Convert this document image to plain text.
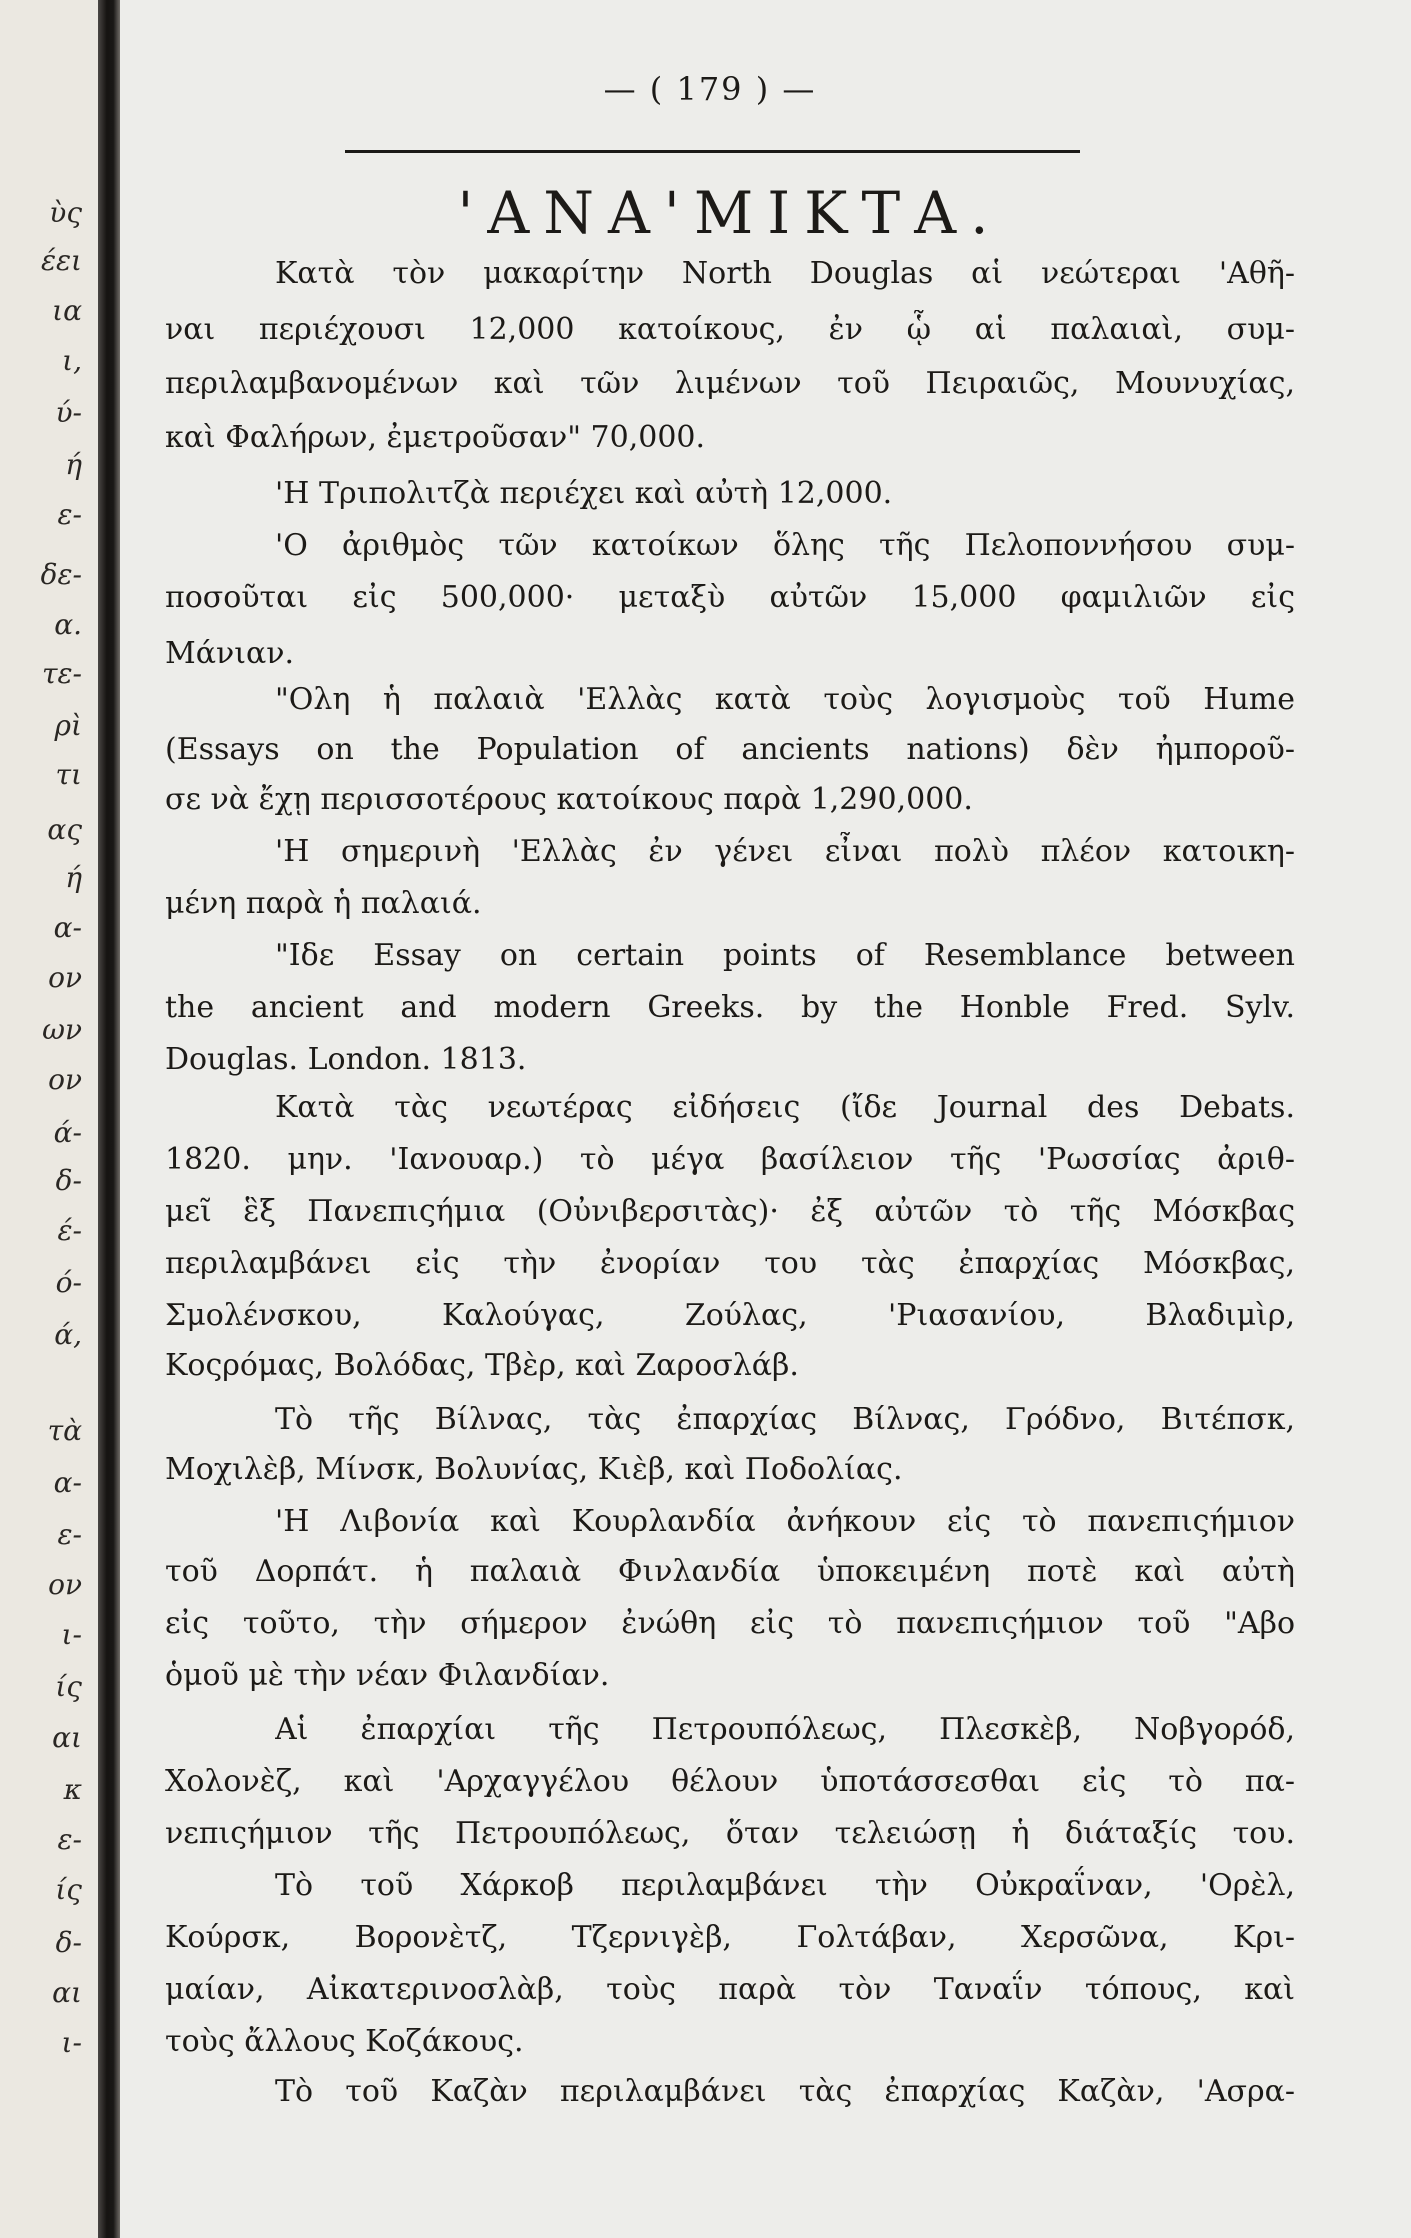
ὺς
έει
ια
ι,
ύ-
ή
ε-
δε-
α.
τε-
ρὶ
τι
ας
ή
α-
ον
ων
ον
ά-
δ-
έ-
ό-
ά,
τὰ
α-
ε-
ον
ι-
ίς
αι
κ
ε-
ίς
δ-
αι
ι-
— ( 179 ) —
'ΑΝΑ'ΜΙΚΤΑ.
Κατὰ τὸν μακαρίτην North Douglas αἱ νεώτεραι 'Αθῆ-
ναι περιέχουσι 12,000 κατοίκους, ἐν ᾧ αἱ παλαιαὶ, συμ-
περιλαμβανομένων καὶ τῶν λιμένων τοῦ Πειραιῶς, Μουνυχίας,
καὶ Φαλήρων, ἐμετροῦσαν" 70,000.
'Η Τριπολιτζὰ περιέχει καὶ αὐτὴ 12,000.
'Ο ἀριθμὸς τῶν κατοίκων ὅλης τῆς Πελοποννήσου συμ-
ποσοῦται εἰς 500,000· μεταξὺ αὐτῶν 15,000 φαμιλιῶν εἰς
Μάνιαν.
"Ολη ἡ παλαιὰ 'Ελλὰς κατὰ τοὺς λογισμοὺς τοῦ Hume
(Essays on the Population of ancients nations) δὲν ἠμποροῦ-
σε νὰ ἔχῃ περισσοτέρους κατοίκους παρὰ 1,290,000.
'Η σημερινὴ 'Ελλὰς ἐν γένει εἶναι πολὺ πλέον κατοικη-
μένη παρὰ ἡ παλαιά.
"Ιδε Essay on certain points of Resemblance between
the ancient and modern Greeks. by the Honble Fred. Sylv.
Douglas. London. 1813.
Κατὰ τὰς νεωτέρας εἰδήσεις (ἴδε Journal des Debats.
1820. μην. 'Ιανουαρ.) τὸ μέγα βασίλειον τῆς 'Ρωσσίας ἀριθ-
μεῖ ἓξ Πανεπιςήμια (Οὐνιβερσιτὰς)· ἐξ αὐτῶν τὸ τῆς Μόσκβας
περιλαμβάνει εἰς τὴν ἐνορίαν του τὰς ἐπαρχίας Μόσκβας,
Σμολένσκου, Καλούγας, Ζούλας, 'Ριασανίου, Βλαδιμὶρ,
Κοςρόμας, Βολόδας, Τβὲρ, καὶ Ζαροσλάβ.
Τὸ τῆς Βίλνας, τὰς ἐπαρχίας Βίλνας, Γρόδνο, Βιτέπσκ,
Μοχιλὲβ, Μίνσκ, Βολυνίας, Κιὲβ, καὶ Ποδολίας.
'Η Λιβονία καὶ Κουρλανδία ἀνήκουν εἰς τὸ πανεπιςήμιον
τοῦ Δορπάτ. ἡ παλαιὰ Φινλανδία ὑποκειμένη ποτὲ καὶ αὐτὴ
εἰς τοῦτο, τὴν σήμερον ἐνώθη εἰς τὸ πανεπιςήμιον τοῦ "Αβο
ὁμοῦ μὲ τὴν νέαν Φιλανδίαν.
Αἱ ἐπαρχίαι τῆς Πετρουπόλεως, Πλεσκὲβ, Νοβγορόδ,
Χολονὲζ, καὶ 'Αρχαγγέλου θέλουν ὑποτάσσεσθαι εἰς τὸ πα-
νεπιςήμιον τῆς Πετρουπόλεως, ὅταν τελειώσῃ ἡ διάταξίς του.
Τὸ τοῦ Χάρκοβ περιλαμβάνει τὴν Οὐκραΐναν, 'Ορὲλ,
Κούρσκ, Βορονὲτζ, Τζερνιγὲβ, Γολτάβαν, Χερσῶνα, Κρι-
μαίαν, Αἰκατερινοσλὰβ, τοὺς παρὰ τὸν Ταναΐν τόπους, καὶ
τοὺς ἄλλους Κοζάκους.
Τὸ τοῦ Καζὰν περιλαμβάνει τὰς ἐπαρχίας Καζὰν, 'Ασρα-
